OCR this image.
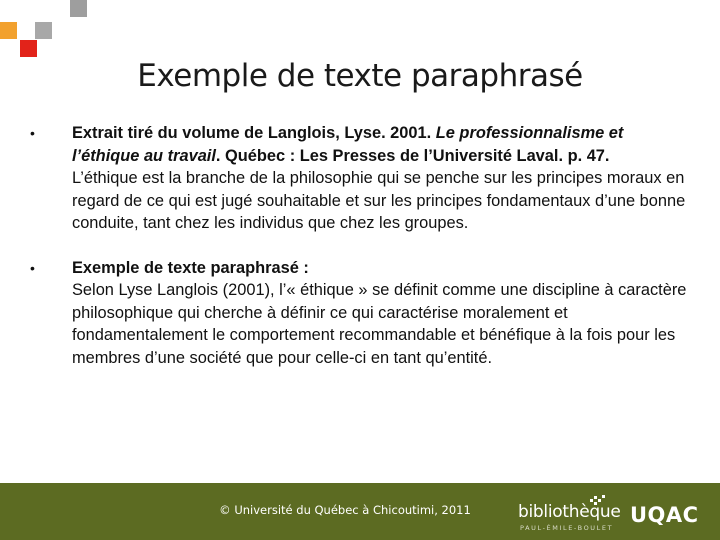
Exemple de texte paraphrasé
• Extrait tiré du volume de Langlois, Lyse. 2001. Le professionnalisme et l’éthique au travail. Québec : Les Presses de l’Université Laval. p. 47.
L’éthique est la branche de la philosophie qui se penche sur les principes moraux en regard de ce qui est jugé souhaitable et sur les principes fondamentaux d’une bonne conduite, tant chez les individus que chez les groupes.
• Exemple de texte paraphrasé :
Selon Lyse Langlois (2001), l’« éthique » se définit comme une discipline à caractère philosophique qui cherche à définir ce qui caractérise moralement et fondamentalement le comportement recommandable et bénéfique à la fois pour les membres d’une société que pour celle-ci en tant qu’entité.
© Université du Québec à Chicoutimi, 2011	bibliothèque
PAUL-ÉMILE-BOULET
UQAC
